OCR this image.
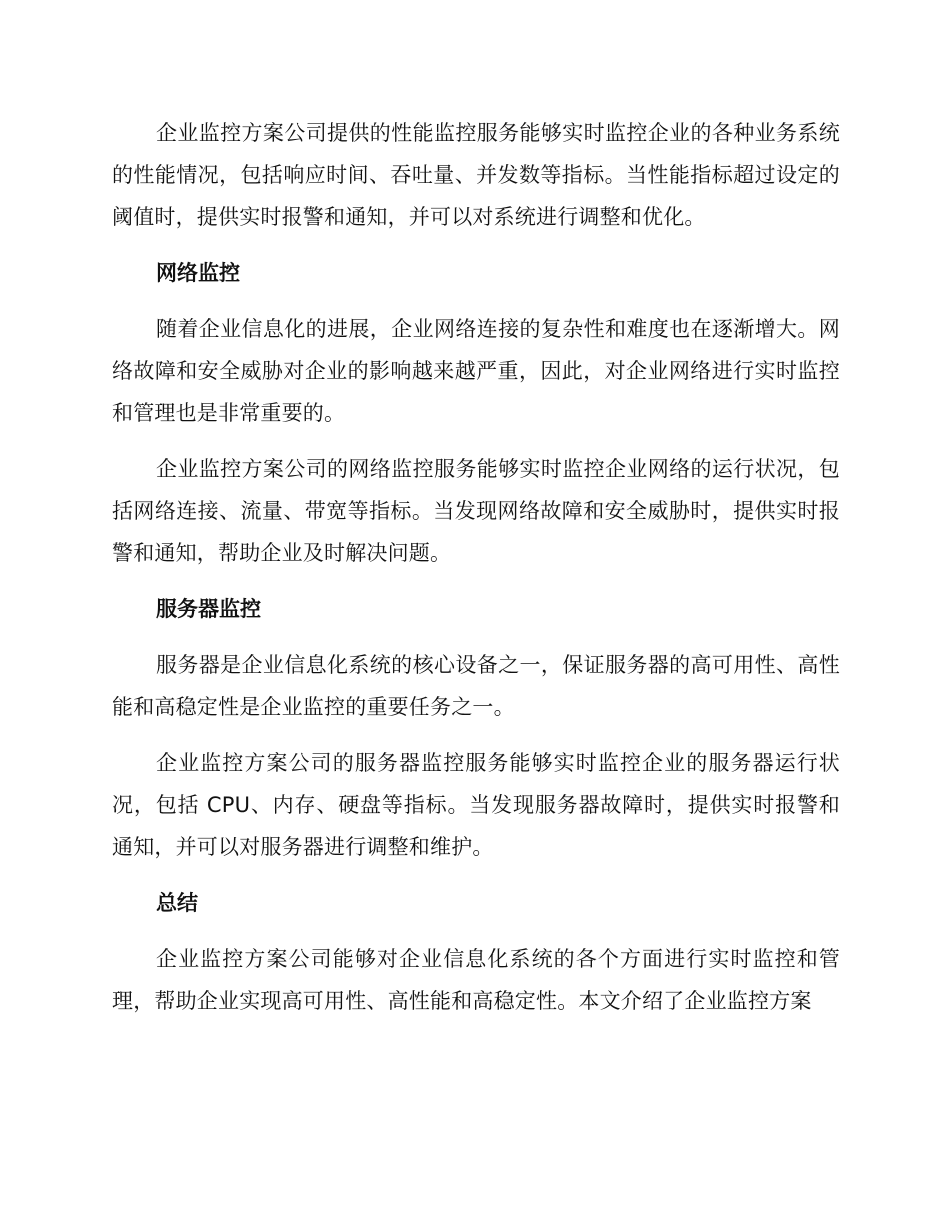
企业监控方案公司提供的性能监控服务能够实时监控企业的各种业务系统的性能情况，包括响应时间、吞吐量、并发数等指标。当性能指标超过设定的阈值时，提供实时报警和通知，并可以对系统进行调整和优化。

网络监控

随着企业信息化的进展，企业网络连接的复杂性和难度也在逐渐增大。网络故障和安全威胁对企业的影响越来越严重，因此，对企业网络进行实时监控和管理也是非常重要的。

企业监控方案公司的网络监控服务能够实时监控企业网络的运行状况，包括网络连接、流量、带宽等指标。当发现网络故障和安全威胁时，提供实时报警和通知，帮助企业及时解决问题。

服务器监控

服务器是企业信息化系统的核心设备之一，保证服务器的高可用性、高性能和高稳定性是企业监控的重要任务之一。

企业监控方案公司的服务器监控服务能够实时监控企业的服务器运行状况，包括 CPU、内存、硬盘等指标。当发现服务器故障时，提供实时报警和通知，并可以对服务器进行调整和维护。

总结

企业监控方案公司能够对企业信息化系统的各个方面进行实时监控和管理，帮助企业实现高可用性、高性能和高稳定性。本文介绍了企业监控方案
